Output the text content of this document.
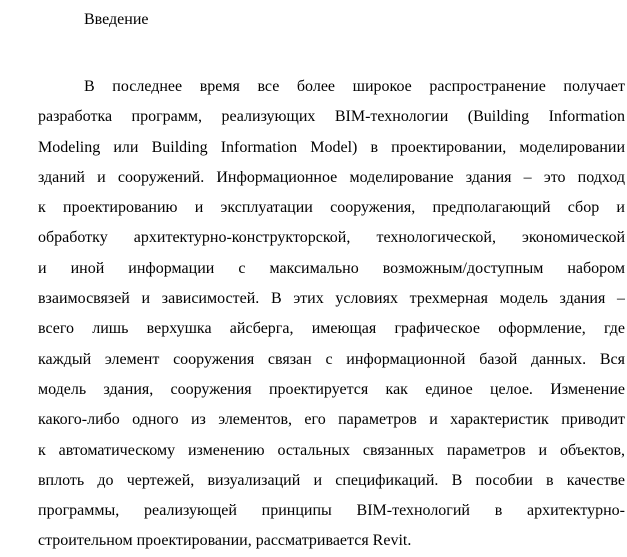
Введение
В последнее время все более широкое распространение получает
разработка программ, реализующих BIM-технологии (Building Information
Modeling или Building Information Model) в проектировании, моделировании
зданий и сооружений. Информационное моделирование здания – это подход
к проектированию и эксплуатации сооружения, предполагающий сбор и
обработку архитектурно-конструкторской, технологической, экономической
и иной информации с максимально возможным/доступным набором
взаимосвязей и зависимостей. В этих условиях трехмерная модель здания –
всего лишь верхушка айсберга, имеющая графическое оформление, где
каждый элемент сооружения связан с информационной базой данных. Вся
модель здания, сооружения проектируется как единое целое. Изменение
какого-либо одного из элементов, его параметров и характеристик приводит
к автоматическому изменению остальных связанных параметров и объектов,
вплоть до чертежей, визуализаций и спецификаций. В пособии в качестве
программы, реализующей принципы BIM-технологий в архитектурно-
строительном проектировании, рассматривается Revit.
